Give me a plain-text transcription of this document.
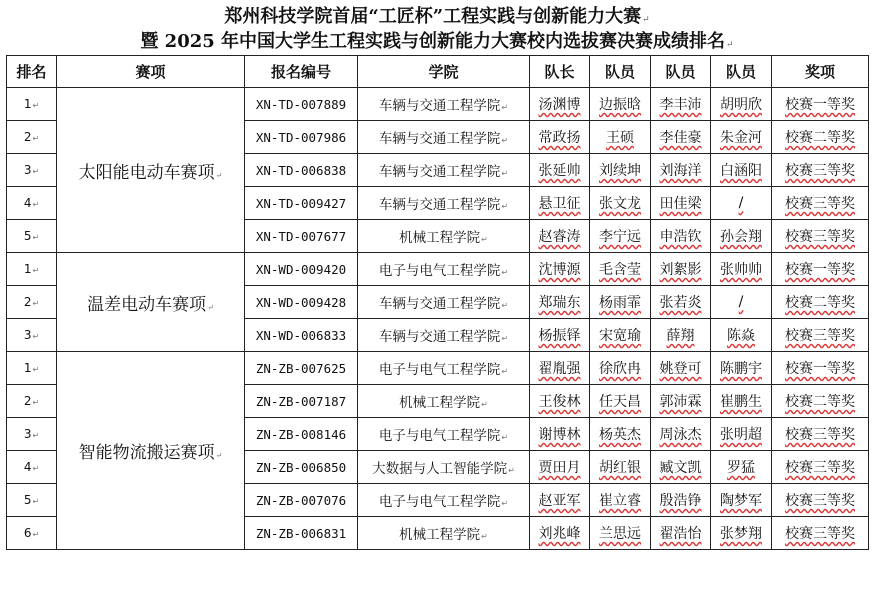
郑州科技学院首届“工匠杯”工程实践与创新能力大赛↵
暨 2025 年中国大学生工程实践与创新能力大赛校内选拔赛决赛成绩排名↵
排名	赛项	报名编号	学院	队长	队员	队员	队员	奖项
1↵	太阳能电动车赛项↵	XN-TD-007889	车辆与交通工程学院↵	汤渊博	边振晗	李丰沛	胡明欣	校赛一等奖
2↵		XN-TD-007986	车辆与交通工程学院↵	常政扬	王硕	李佳豪	朱金河	校赛二等奖
3↵		XN-TD-006838	车辆与交通工程学院↵	张延帅	刘续坤	刘海洋	白涵阳	校赛三等奖
4↵		XN-TD-009427	车辆与交通工程学院↵	悬卫征	张文龙	田佳梁	/	校赛三等奖
5↵		XN-TD-007677	机械工程学院↵	赵睿涛	李宁远	申浩钦	孙会翔	校赛三等奖
1↵	温差电动车赛项↵	XN-WD-009420	电子与电气工程学院↵	沈博源	毛含莹	刘絮影	张帅帅	校赛一等奖
2↵		XN-WD-009428	车辆与交通工程学院↵	郑瑞东	杨雨霏	张若炎	/	校赛二等奖
3↵		XN-WD-006833	车辆与交通工程学院↵	杨振铎	宋宽瑜	薛翔	陈焱	校赛三等奖
1↵	智能物流搬运赛项↵	ZN-ZB-007625	电子与电气工程学院↵	翟胤强	徐欣冉	姚登可	陈鹏宇	校赛一等奖
2↵		ZN-ZB-007187	机械工程学院↵	王俊林	任天昌	郭沛霖	崔鹏生	校赛二等奖
3↵		ZN-ZB-008146	电子与电气工程学院↵	谢博林	杨英杰	周泳杰	张明超	校赛三等奖
4↵		ZN-ZB-006850	大数据与人工智能学院↵	贾田月	胡红银	臧文凯	罗猛	校赛三等奖
5↵		ZN-ZB-007076	电子与电气工程学院↵	赵亚军	崔立睿	殷浩铮	陶梦军	校赛三等奖
6↵		ZN-ZB-006831	机械工程学院↵	刘兆峰	兰思远	翟浩怡	张梦翔	校赛三等奖
